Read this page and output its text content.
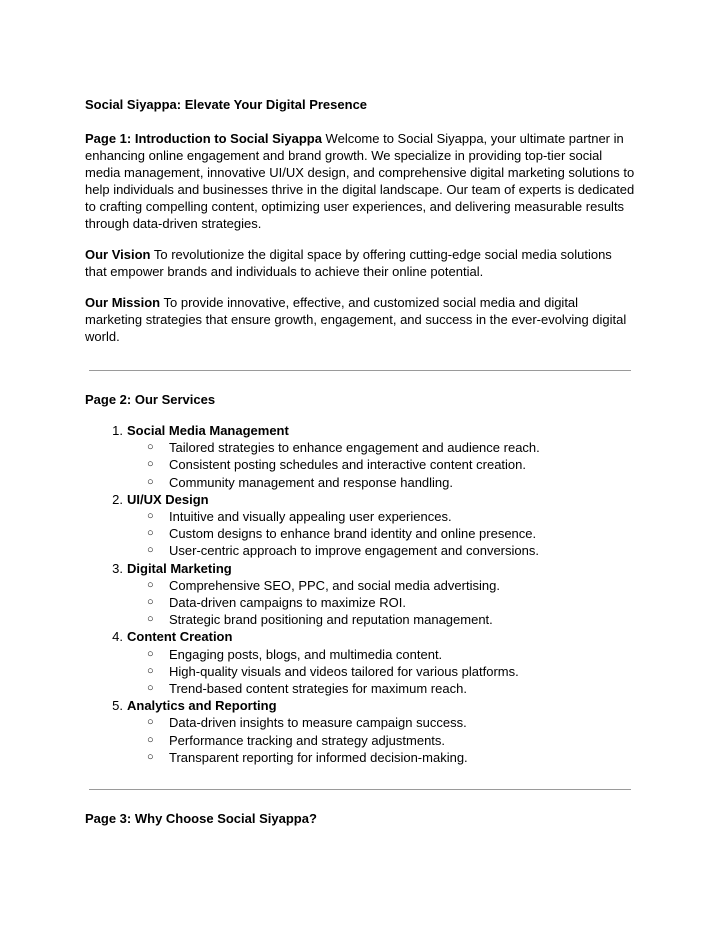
Social Siyappa: Elevate Your Digital Presence

Page 1: Introduction to Social Siyappa Welcome to Social Siyappa, your ultimate partner in enhancing online engagement and brand growth. We specialize in providing top-tier social media management, innovative UI/UX design, and comprehensive digital marketing solutions to help individuals and businesses thrive in the digital landscape. Our team of experts is dedicated to crafting compelling content, optimizing user experiences, and delivering measurable results through data-driven strategies.

Our Vision To revolutionize the digital space by offering cutting-edge social media solutions that empower brands and individuals to achieve their online potential.

Our Mission To provide innovative, effective, and customized social media and digital marketing strategies that ensure growth, engagement, and success in the ever-evolving digital world.

Page 2: Our Services
1. Social Media Management
○ Tailored strategies to enhance engagement and audience reach.
○ Consistent posting schedules and interactive content creation.
○ Community management and response handling.
2. UI/UX Design
○ Intuitive and visually appealing user experiences.
○ Custom designs to enhance brand identity and online presence.
○ User-centric approach to improve engagement and conversions.
3. Digital Marketing
○ Comprehensive SEO, PPC, and social media advertising.
○ Data-driven campaigns to maximize ROI.
○ Strategic brand positioning and reputation management.
4. Content Creation
○ Engaging posts, blogs, and multimedia content.
○ High-quality visuals and videos tailored for various platforms.
○ Trend-based content strategies for maximum reach.
5. Analytics and Reporting
○ Data-driven insights to measure campaign success.
○ Performance tracking and strategy adjustments.
○ Transparent reporting for informed decision-making.
Page 3: Why Choose Social Siyappa?
